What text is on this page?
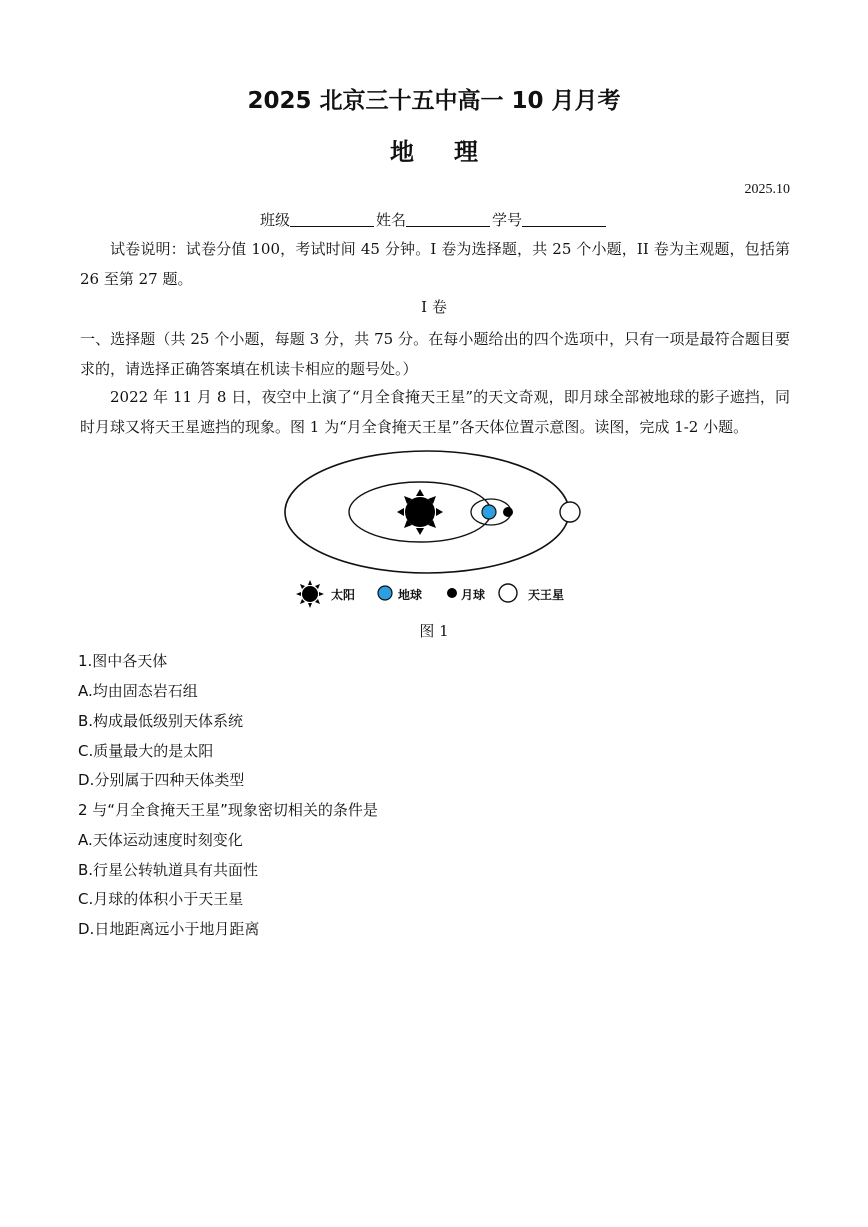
2025 北京三十五中高一 10 月月考
地理
2025.10
班级	姓名	学号
试卷说明：试卷分值 100，考试时间 45 分钟。I 卷为选择题，共 25 个小题，II 卷为主观题，包括第 26 至第 27 题。
I 卷
一、选择题（共 25 个小题，每题 3 分，共 75 分。在每小题给出的四个选项中，只有一项是最符合题目要求的，请选择正确答案填在机读卡相应的题号处。）
2022 年 11 月 8 日，夜空中上演了“月全食掩天王星”的天文奇观，即月球全部被地球的影子遮挡，同时月球又将天王星遮挡的现象。图 1 为“月全食掩天王星”各天体位置示意图。读图，完成 1-2 小题。
太阳	地球	月球	天王星
图 1
1.图中各天体
A.均由固态岩石组
B.构成最低级别天体系统
C.质量最大的是太阳
D.分别属于四种天体类型
2 与“月全食掩天王星”现象密切相关的条件是
A.天体运动速度时刻变化
B.行星公转轨道具有共面性
C.月球的体积小于天王星
D.日地距离远小于地月距离
